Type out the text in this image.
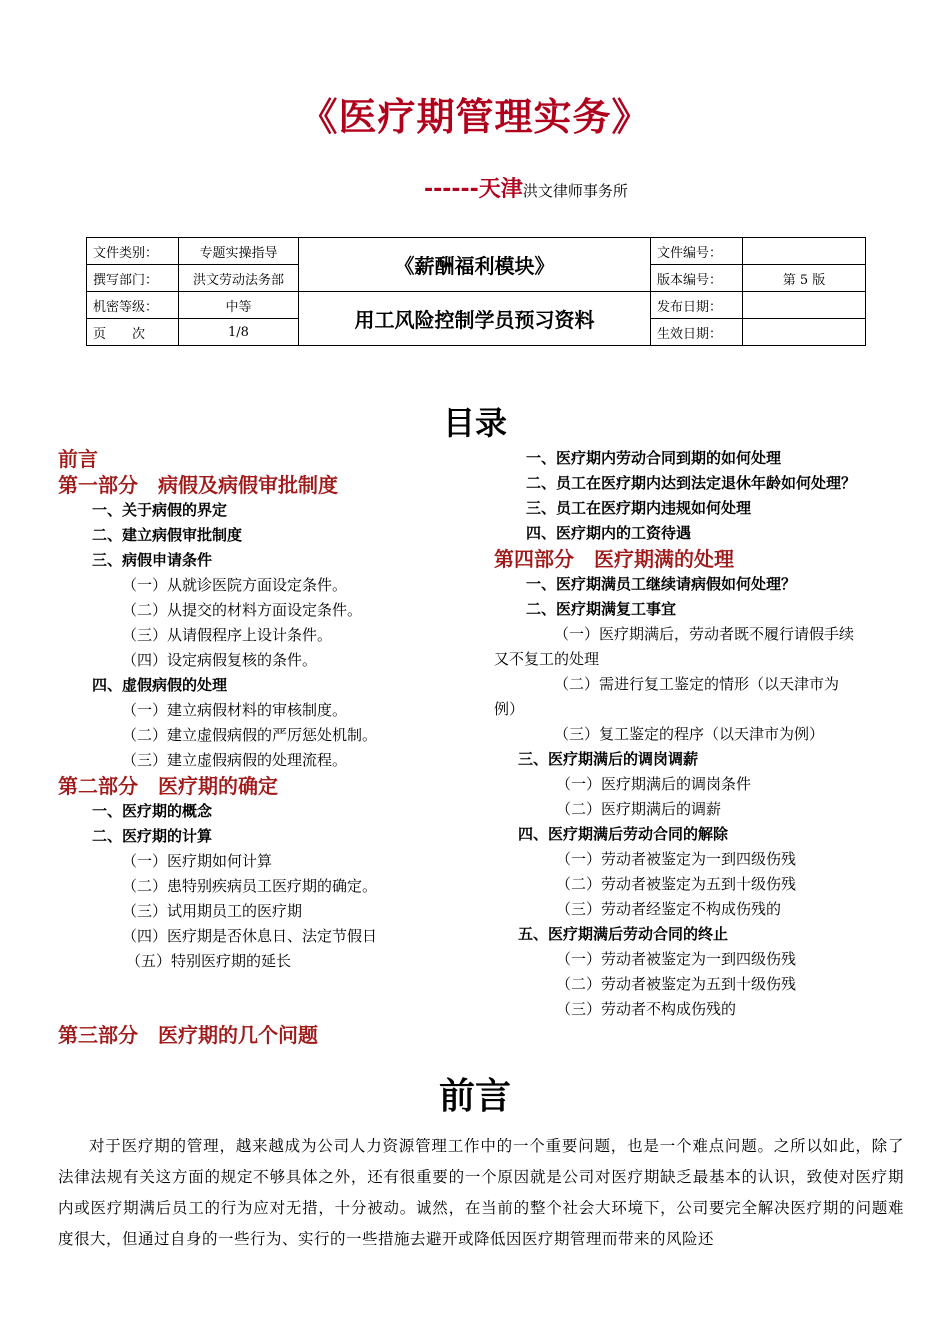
《医疗期管理实务》
------天津洪文律师事务所
文件类别：	专题实操指导	《薪酬福利模块》	文件编号：	
撰写部门：	洪文劳动法务部		版本编号：	第 5 版
机密等级：	中等	用工风险控制学员预习资料	发布日期：	
页　　次	1/8		生效日期：	
目录
前言
第一部分　病假及病假审批制度
一、关于病假的界定
二、建立病假审批制度
三、病假申请条件
（一）从就诊医院方面设定条件。
（二）从提交的材料方面设定条件。
（三）从请假程序上设计条件。
（四）设定病假复核的条件。
四、虚假病假的处理
（一）建立病假材料的审核制度。
（二）建立虚假病假的严厉惩处机制。
（三）建立虚假病假的处理流程。
第二部分　医疗期的确定
一、医疗期的概念
二、医疗期的计算
（一）医疗期如何计算
（二）患特别疾病员工医疗期的确定。
（三）试用期员工的医疗期
（四）医疗期是否休息日、法定节假日
（五）特别医疗期的延长
第三部分　医疗期的几个问题
一、医疗期内劳动合同到期的如何处理
二、员工在医疗期内达到法定退休年龄如何处理？
三、员工在医疗期内违规如何处理
四、医疗期内的工资待遇
第四部分　医疗期满的处理
一、医疗期满员工继续请病假如何处理？
二、医疗期满复工事宜
（一）医疗期满后，劳动者既不履行请假手续
又不复工的处理
（二）需进行复工鉴定的情形（以天津市为
例）
（三）复工鉴定的程序（以天津市为例）
三、医疗期满后的调岗调薪
（一）医疗期满后的调岗条件
（二）医疗期满后的调薪
四、医疗期满后劳动合同的解除
（一）劳动者被鉴定为一到四级伤残
（二）劳动者被鉴定为五到十级伤残
（三）劳动者经鉴定不构成伤残的
五、医疗期满后劳动合同的终止
（一）劳动者被鉴定为一到四级伤残
（二）劳动者被鉴定为五到十级伤残
（三）劳动者不构成伤残的
前言
对于医疗期的管理，越来越成为公司人力资源管理工作中的一个重要问题，也是一个难点问题。之所以如此，除了法律法规有关这方面的规定不够具体之外，还有很重要的一个原因就是公司对医疗期缺乏最基本的认识，致使对医疗期内或医疗期满后员工的行为应对无措，十分被动。诚然，在当前的整个社会大环境下，公司要完全解决医疗期的问题难度很大，但通过自身的一些行为、实行的一些措施去避开或降低因医疗期管理而带来的风险还
